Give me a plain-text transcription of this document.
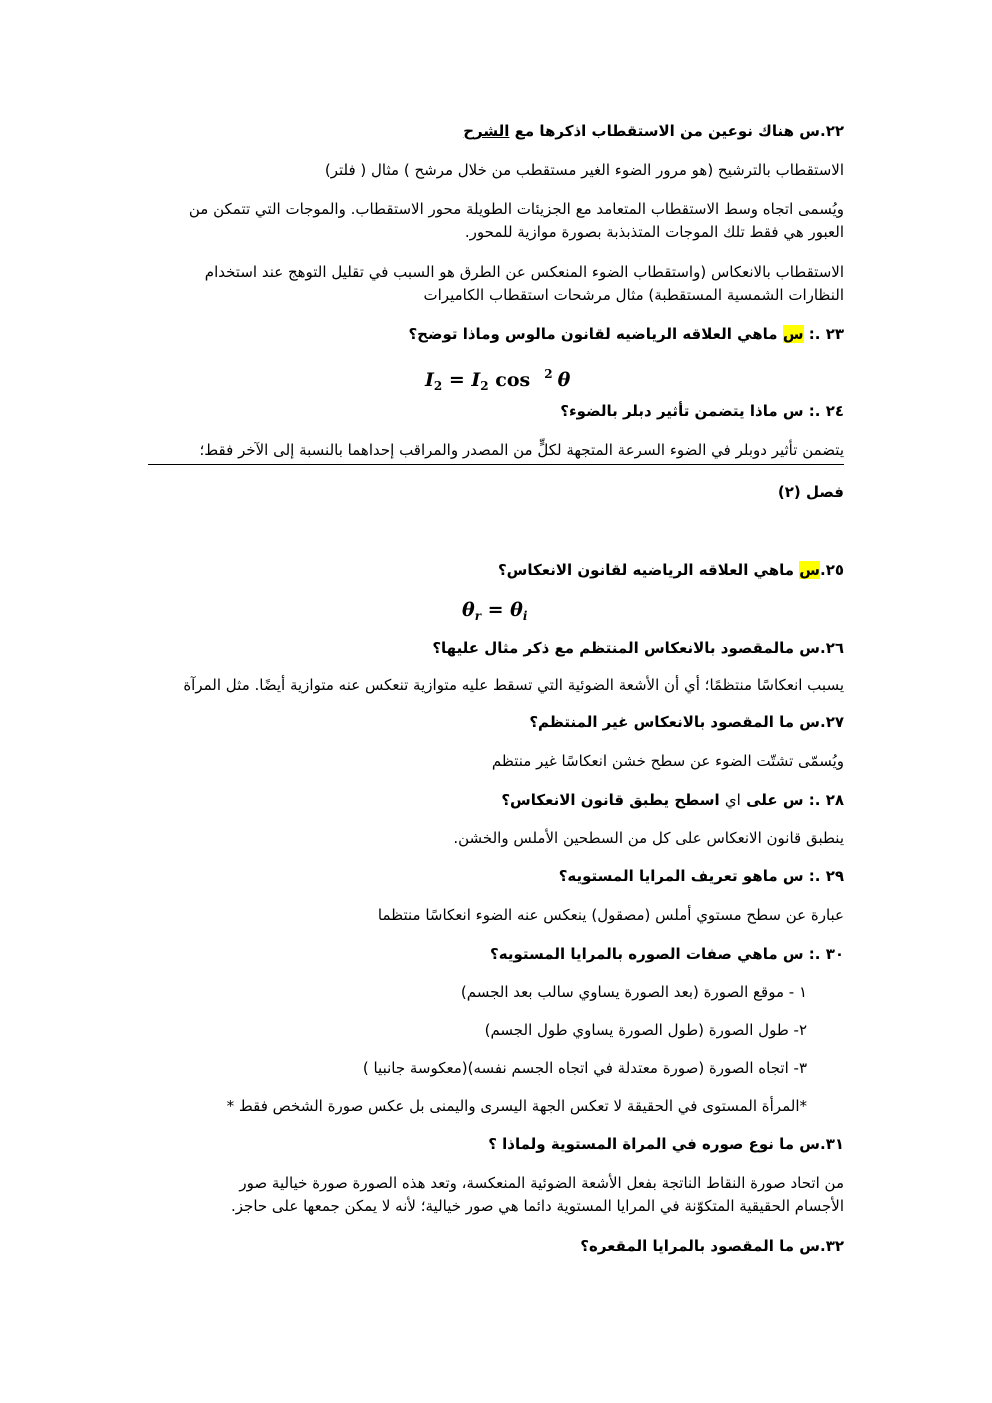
٢٢.س هناك نوعين من الاستقطاب اذكرها مع الشرح
الاستقطاب بالترشيح (هو مرور الضوء الغير مستقطب من خلال مرشح ) مثال ( فلتر)
ويُسمى اتجاه وسط الاستقطاب المتعامد مع الجزيئات الطويلة محور الاستقطاب. والموجات التي تتمكن من العبور هي فقط تلك الموجات المتذبذبة بصورة موازية للمحور.
الاستقطاب بالانعكاس (واستقطاب الضوء المنعكس عن الطرق هو السبب في تقليل التوهج عند استخدام النظارات الشمسية المستقطبة) مثال مرشحات استقطاب الكاميرات
٢٣ .: س ماهي العلاقه الرياضيه لقانون مالوس وماذا توضح؟
$I_2 = I_2$ cos $^2$ θ
٢٤ .: س ماذا يتضمن تأثير دبلر بالضوء؟
يتضمن تأثير دوبلر في الضوء السرعة المتجهة لكلٍّ من المصدر والمراقب إحداهما بالنسبة إلى الآخر فقط؛
فصل (٢)
٢٥.س ماهي العلاقه الرياضيه لقانون الانعكاس؟
$\theta_r = \theta_i$
٢٦.س مالمقصود بالانعكاس المنتظم مع ذكر مثال عليها؟
يسبب انعكاسًا منتظمًا؛ أي أن الأشعة الضوئية التي تسقط عليه متوازية تنعكس عنه متوازية أيضًا. مثل المرآة
٢٧.س ما المقصود بالانعكاس غير المنتظم؟
ويُسمّى تشتّت الضوء عن سطح خشن انعكاسًا غير منتظم
٢٨ .: س على اي اسطح يطبق قانون الانعكاس؟
ينطبق قانون الانعكاس على كل من السطحين الأملس والخشن.
٢٩ .: س ماهو تعريف المرايا المستويه؟
عبارة عن سطح مستوي أملس (مصقول) ينعكس عنه الضوء انعكاسًا منتظما
٣٠ .: س ماهي صفات الصوره بالمرايا المستويه؟
١ - موقع الصورة (بعد الصورة يساوي سالب بعد الجسم)
٢- طول الصورة (طول الصورة يساوي طول الجسم)
٣- اتجاه الصورة (صورة معتدلة في اتجاه الجسم نفسه)(معكوسة جانبيا )
*المرأة المستوى في الحقيقة لا تعكس الجهة اليسرى واليمنى بل عكس صورة الشخص فقط *
٣١.س ما نوع صوره في المراة المستوية ولماذا ؟
من اتحاد صورة النقاط الناتجة بفعل الأشعة الضوئية المنعكسة، وتعد هذه الصورة صورة خيالية صور الأجسام الحقيقية المتكوّنة في المرايا المستوية دائما هي صور خيالية؛ لأنه لا يمكن جمعها على حاجز.
٣٢.س ما المقصود بالمرايا المقعره؟
